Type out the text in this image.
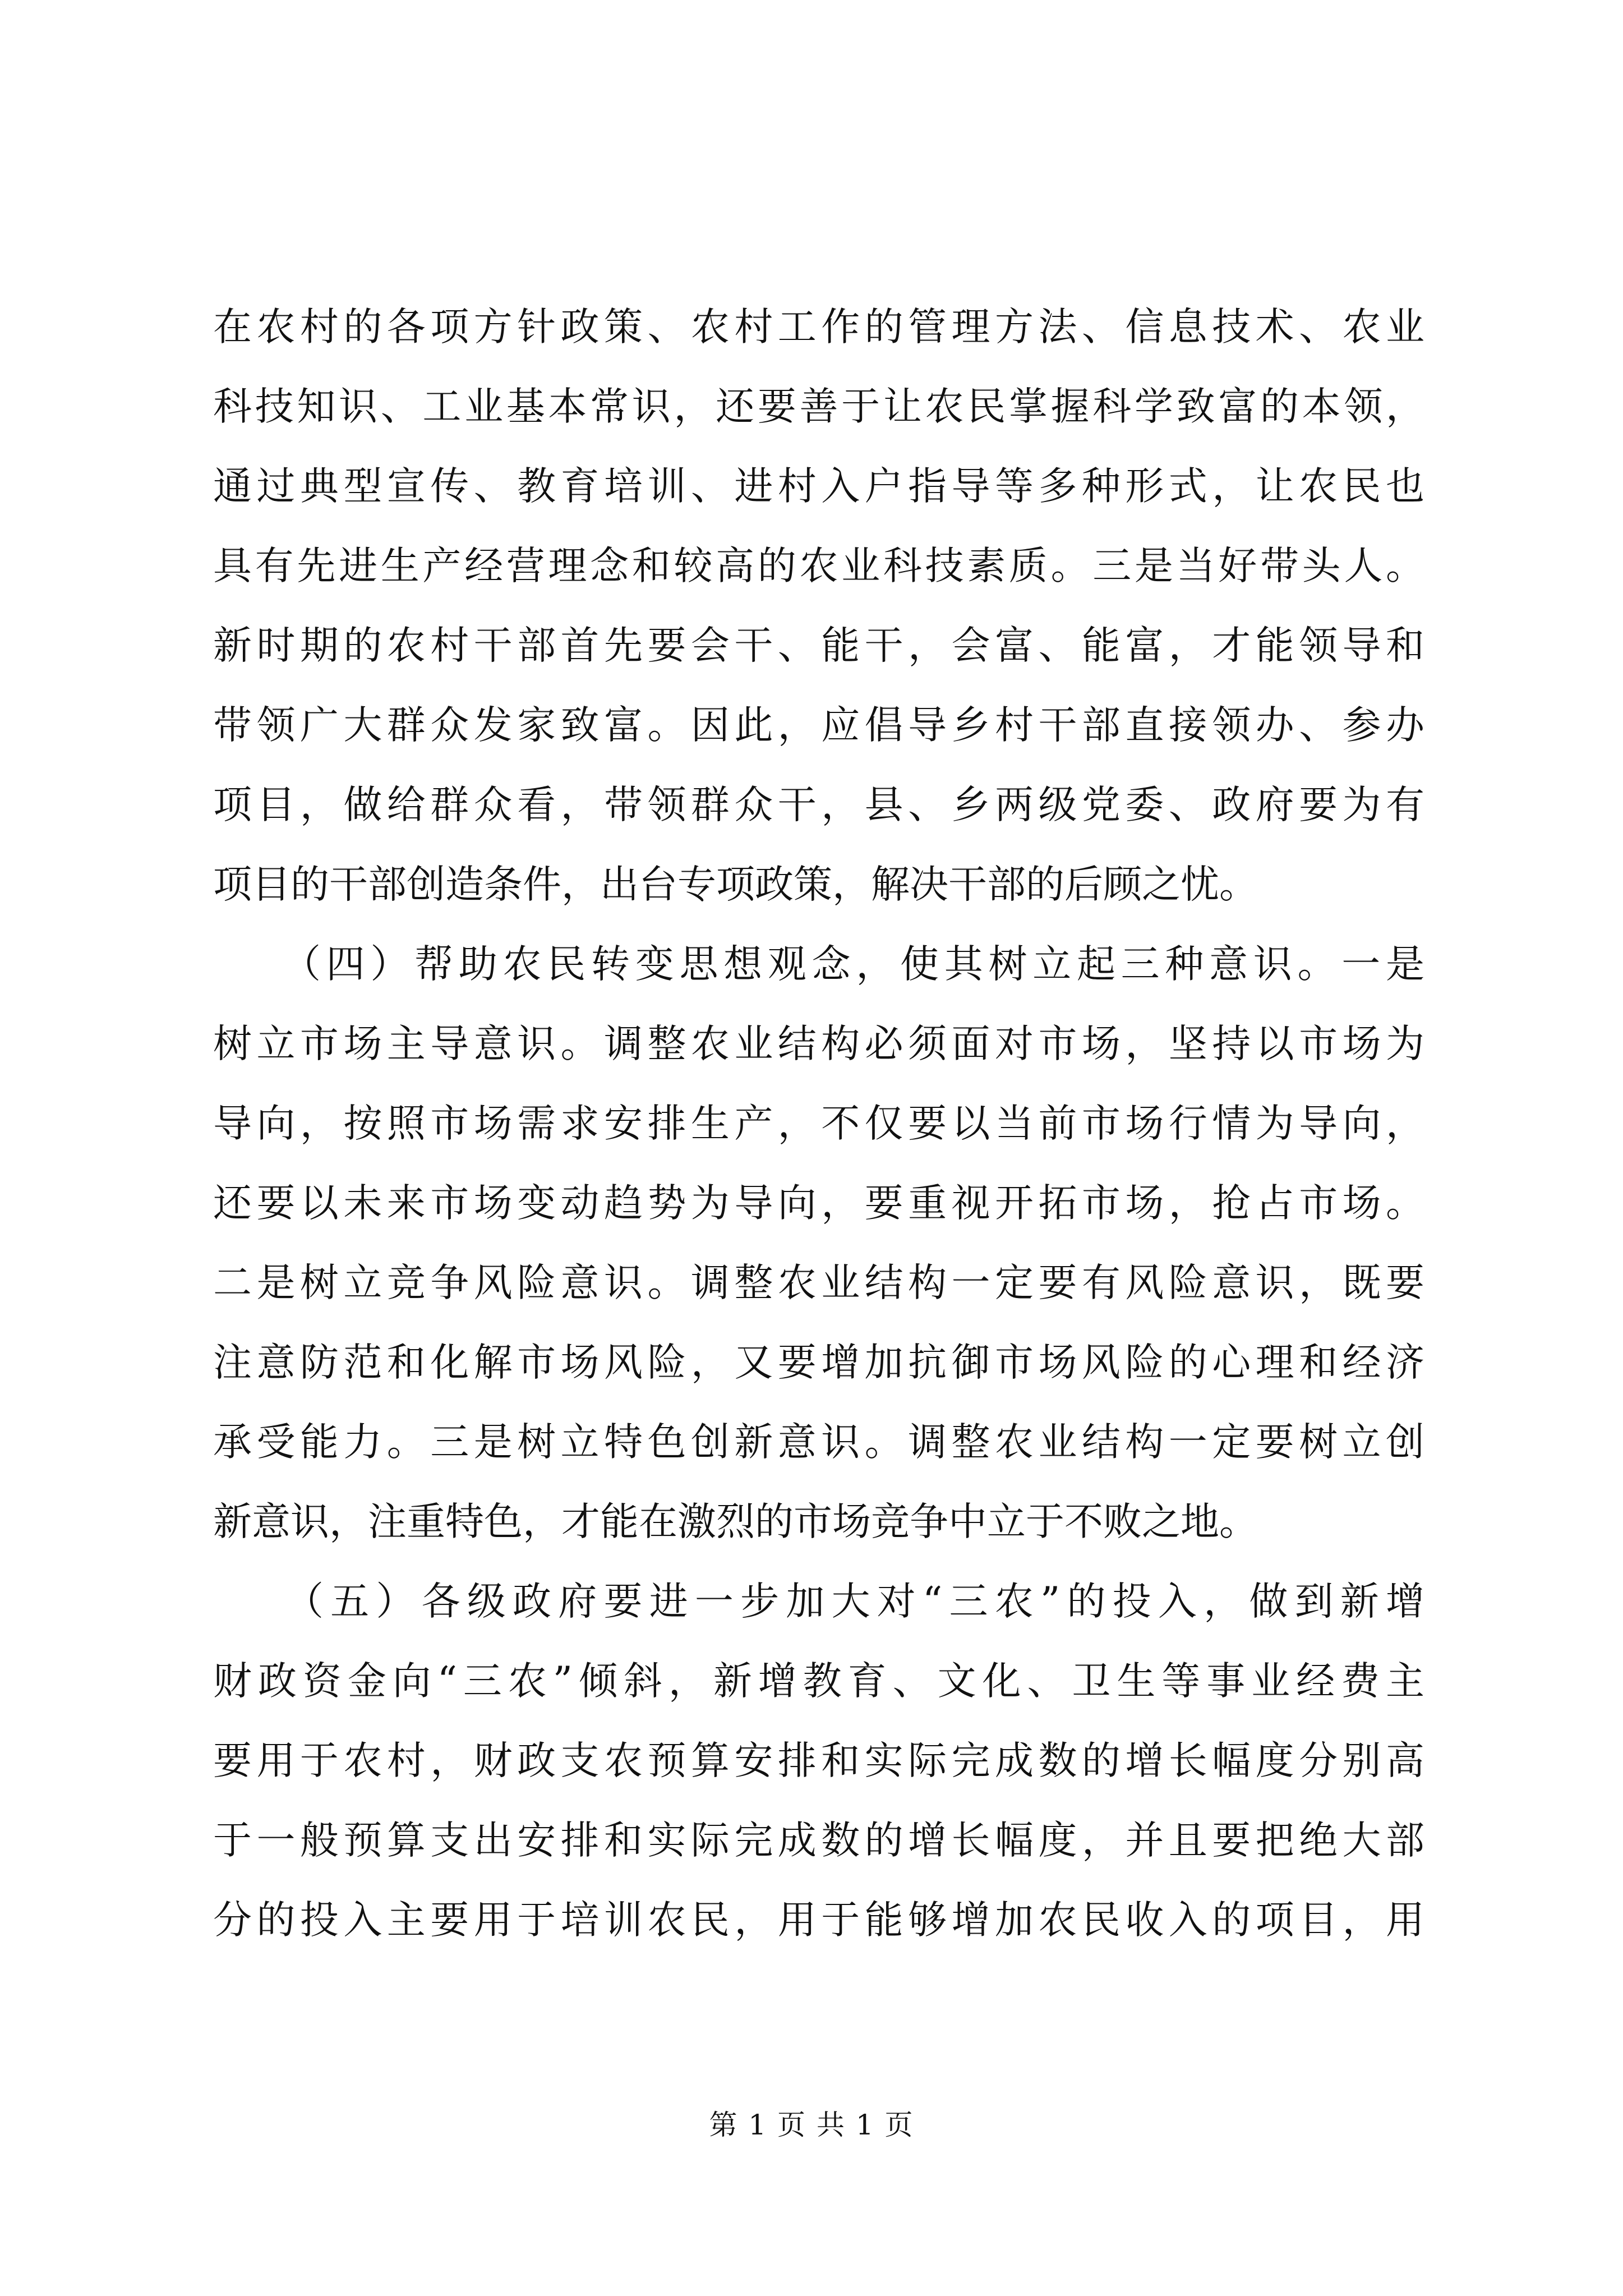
在农村的各项方针政策、农村工作的管理方法、信息技术、农业
科技知识、工业基本常识，还要善于让农民掌握科学致富的本领，
通过典型宣传、教育培训、进村入户指导等多种形式，让农民也
具有先进生产经营理念和较高的农业科技素质。三是当好带头人。
新时期的农村干部首先要会干、能干，会富、能富，才能领导和
带领广大群众发家致富。因此，应倡导乡村干部直接领办、参办
项目，做给群众看，带领群众干，县、乡两级党委、政府要为有
项目的干部创造条件，出台专项政策，解决干部的后顾之忧。
　　（四）帮助农民转变思想观念，使其树立起三种意识。一是
树立市场主导意识。调整农业结构必须面对市场，坚持以市场为
导向，按照市场需求安排生产，不仅要以当前市场行情为导向，
还要以未来市场变动趋势为导向，要重视开拓市场，抢占市场。
二是树立竞争风险意识。调整农业结构一定要有风险意识，既要
注意防范和化解市场风险，又要增加抗御市场风险的心理和经济
承受能力。三是树立特色创新意识。调整农业结构一定要树立创
新意识，注重特色，才能在激烈的市场竞争中立于不败之地。
　　（五）各级政府要进一步加大对“三农”的投入，做到新增
财政资金向“三农”倾斜，新增教育、文化、卫生等事业经费主
要用于农村，财政支农预算安排和实际完成数的增长幅度分别高
于一般预算支出安排和实际完成数的增长幅度，并且要把绝大部
分的投入主要用于培训农民，用于能够增加农民收入的项目，用
第 1 页 共 1 页
